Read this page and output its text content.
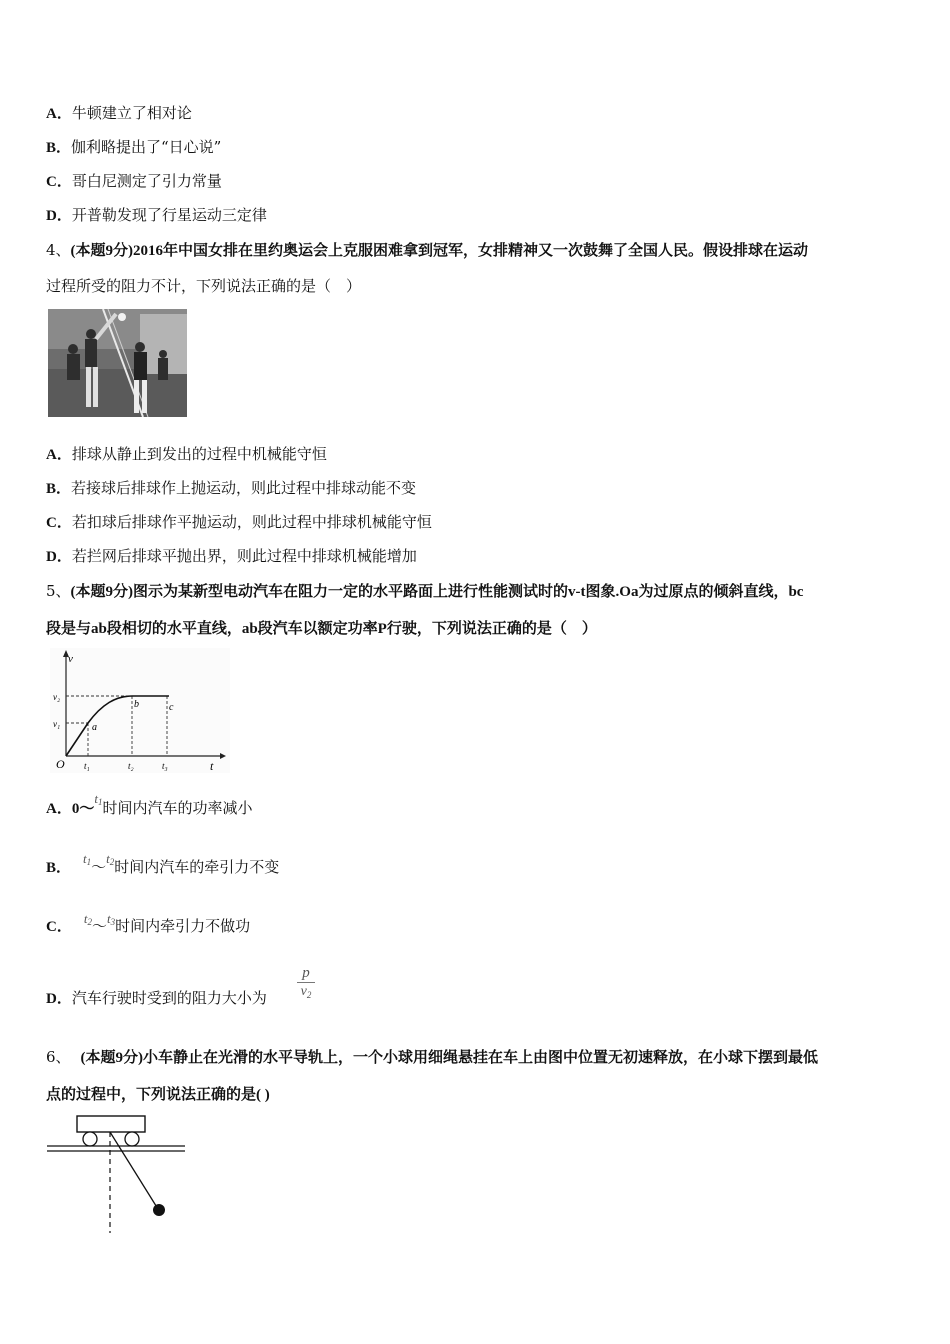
A．牛顿建立了相对论
B．伽利略提出了“日心说”
C．哥白尼测定了引力常量
D．开普勒发现了行星运动三定律
4、(本题9分)2016年中国女排在里约奥运会上克服困难拿到冠军，女排精神又一次鼓舞了全国人民。假设排球在运动
过程所受的阻力不计，下列说法正确的是（　）
A．排球从静止到发出的过程中机械能守恒
B．若接球后排球作上抛运动，则此过程中排球动能不变
C．若扣球后排球作平抛运动，则此过程中排球机械能守恒
D．若拦网后排球平抛出界，则此过程中排球机械能增加
5、(本题9分)图示为某新型电动汽车在阻力一定的水平路面上进行性能测试时的v-t图象.Oa为过原点的倾斜直线，bc
段是与ab段相切的水平直线，ab段汽车以额定功率P行驶，下列说法正确的是（　）
v
t
O
v₂
v₁
t₁	t₂	t₃
a
b	c
A．$0\sim t_1$时间内汽车的功率减小
B．$t_1\sim t_2$时间内汽车的牵引力不变
C．$t_2\sim t_3$时间内牵引力不做功
D．汽车行驶时受到的阻力大小为 $\frac{p}{v_2}$
6、 (本题9分)小车静止在光滑的水平导轨上，一个小球用细绳悬挂在车上由图中位置无初速释放，在小球下摆到最低
点的过程中，下列说法正确的是( )
